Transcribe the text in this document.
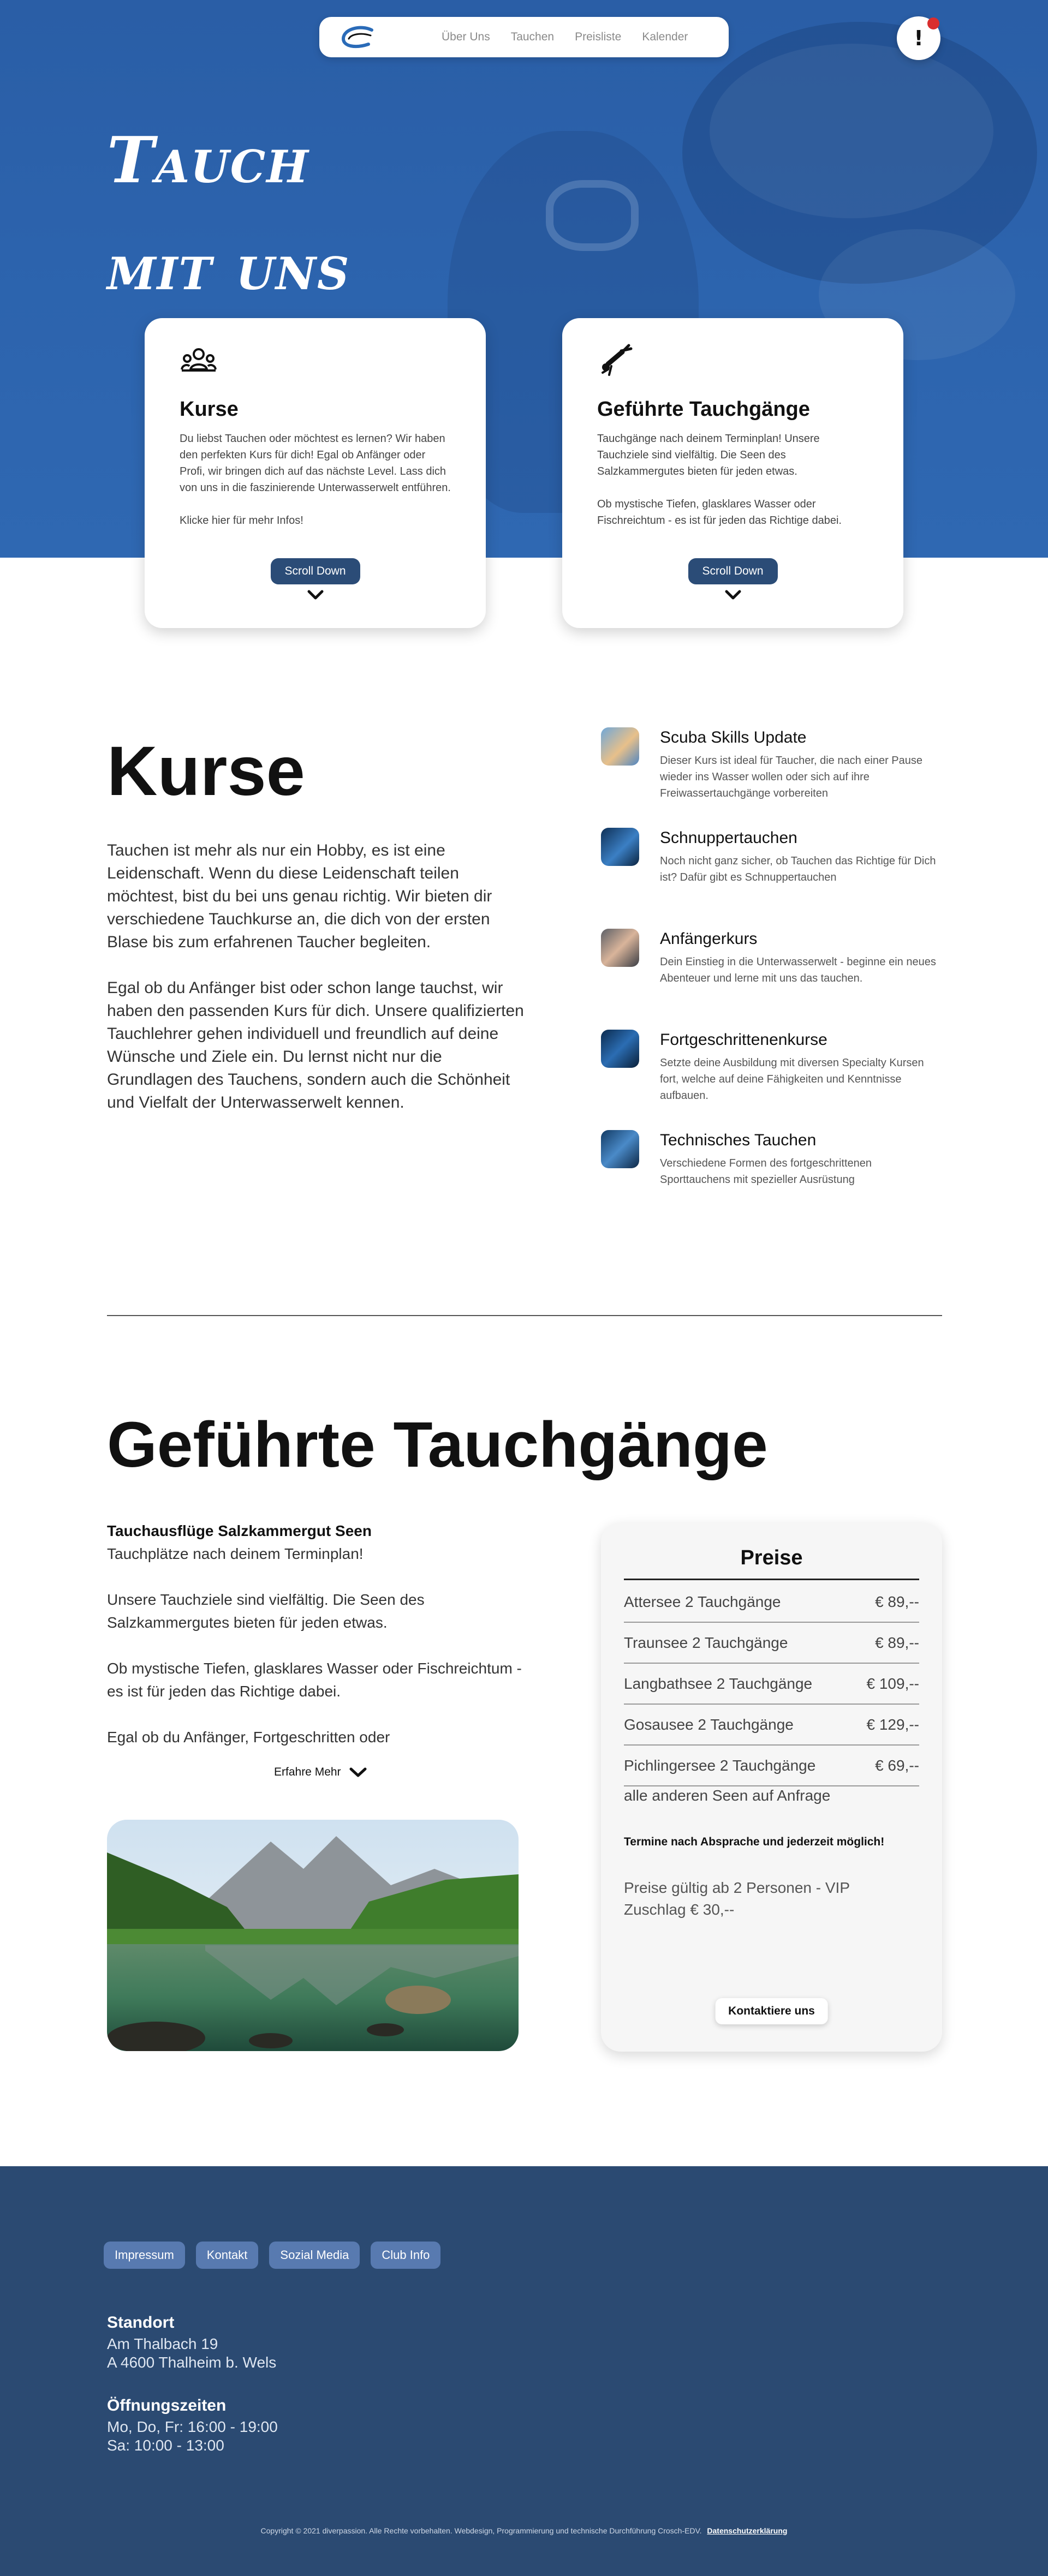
Über Uns Tauchen Preisliste Kalender	!
Tauch
mit uns
Kurse

Du liebst Tauchen oder möchtest es lernen? Wir haben den perfekten Kurs für dich! Egal ob Anfänger oder Profi, wir bringen dich auf das nächste Level. Lass dich von uns in die faszinierende Unterwasserwelt entführen.

Klicke hier für mehr Infos!

Scroll Down
Geführte Tauchgänge

Tauchgänge nach deinem Terminplan! Unsere Tauchziele sind vielfältig. Die Seen des Salzkammergutes bieten für jeden etwas.

Ob mystische Tiefen, glasklares Wasser oder Fischreichtum - es ist für jeden das Richtige dabei.

Scroll Down
Kurse

Tauchen ist mehr als nur ein Hobby, es ist eine Leidenschaft. Wenn du diese Leidenschaft teilen möchtest, bist du bei uns genau richtig. Wir bieten dir verschiedene Tauchkurse an, die dich von der ersten Blase bis zum erfahrenen Taucher begleiten.

Egal ob du Anfänger bist oder schon lange tauchst, wir haben den passenden Kurs für dich. Unsere qualifizierten Tauchlehrer gehen individuell und freundlich auf deine Wünsche und Ziele ein. Du lernst nicht nur die Grundlagen des Tauchens, sondern auch die Schönheit und Vielfalt der Unterwasserwelt kennen.

Scuba Skills Update

Dieser Kurs ist ideal für Taucher, die nach einer Pause wieder ins Wasser wollen oder sich auf ihre Freiwassertauchgänge vorbereiten

Schnuppertauchen

Noch nicht ganz sicher, ob Tauchen das Richtige für Dich ist? Dafür gibt es Schnuppertauchen

Anfängerkurs

Dein Einstieg in die Unterwasserwelt - beginne ein neues Abenteuer und lerne mit uns das tauchen.

Fortgeschrittenenkurse

Setzte deine Ausbildung mit diversen Specialty Kursen fort, welche auf deine Fähigkeiten und Kenntnisse aufbauen.

Technisches Tauchen

Verschiedene Formen des fortgeschrittenen Sporttauchens mit spezieller Ausrüstung

Geführte Tauchgänge
Tauchausflüge Salzkammergut Seen
Tauchplätze nach deinem Terminplan!
Unsere Tauchziele sind vielfältig. Die Seen des Salzkammergutes bieten für jeden etwas.
Ob mystische Tiefen, glasklares Wasser oder Fischreichtum - es ist für jeden das Richtige dabei.
Egal ob du Anfänger, Fortgeschritten oder
Erfahre Mehr
Preise
Attersee 2 Tauchgänge	€ 89,--
Traunsee 2 Tauchgänge	€ 89,--
Langbathsee 2 Tauchgänge	€ 109,--
Gosausee 2 Tauchgänge	€ 129,--
Pichlingersee 2 Tauchgänge	€ 69,--
alle anderen Seen auf Anfrage
Termine nach Absprache und jederzeit möglich!
Preise gültig ab 2 Personen - VIP Zuschlag € 30,--
Kontaktiere uns
Impressum	Kontakt	Sozial Media	Club Info
Standort
Am Thalbach 19
A 4600 Thalheim b. Wels
Öffnungszeiten
Mo, Do, Fr: 16:00 - 19:00
Sa: 10:00 - 13:00
Copyright © 2021 diverpassion. Alle Rechte vorbehalten. Webdesign, Programmierung und technische Durchführung Crosch-EDV. Datenschutzerklärung
